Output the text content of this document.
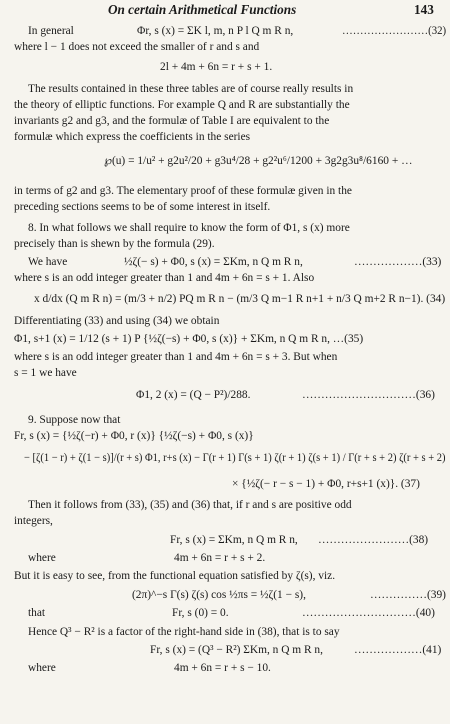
On certain Arithmetical Functions	143
In general	Φr, s (x) = ΣK l, m, n P l Q m R n,	……………………(32)
where l − 1 does not exceed the smaller of r and s and
2l + 4m + 6n = r + s + 1.
The results contained in these three tables are of course really results in
the theory of elliptic functions. For example Q and R are substantially the
invariants g2 and g3, and the formulæ of Table I are equivalent to the
formulæ which express the coefficients in the series
℘(u) = 1/u² + g2u²/20 + g3u⁴/28 + g2²u⁶/1200 + 3g2g3u⁸/6160 + …
in terms of g2 and g3. The elementary proof of these formulæ given in the
preceding sections seems to be of some interest in itself.
8. In what follows we shall require to know the form of Φ1, s (x) more
precisely than is shewn by the formula (29).
We have	½ζ(− s) + Φ0, s (x) = ΣKm, n Q m R n,	………………(33)
where s is an odd integer greater than 1 and 4m + 6n = s + 1. Also
x d/dx (Q m R n) = (m/3 + n/2) PQ m R n − (m/3 Q m−1 R n+1 + n/3 Q m+2 R n−1). (34)
Differentiating (33) and using (34) we obtain
Φ1, s+1 (x) = 1/12 (s + 1) P {½ζ(−s) + Φ0, s (x)} + ΣKm, n Q m R n, …(35)
where s is an odd integer greater than 1 and 4m + 6n = s + 3. But when
s = 1 we have
Φ1, 2 (x) = (Q − P²)/288.	…………………………(36)
9. Suppose now that
Fr, s (x) = {½ζ(−r) + Φ0, r (x)} {½ζ(−s) + Φ0, s (x)}
− [ζ(1 − r) + ζ(1 − s)]/(r + s) Φ1, r+s (x) − Γ(r + 1) Γ(s + 1) ζ(r + 1) ζ(s + 1) / Γ(r + s + 2) ζ(r + s + 2)
× {½ζ(− r − s − 1) + Φ0, r+s+1 (x)}. (37)
Then it follows from (33), (35) and (36) that, if r and s are positive odd
integers,
Fr, s (x) = ΣKm, n Q m R n, ……………………(38)
where	4m + 6n = r + s + 2.
But it is easy to see, from the functional equation satisfied by ζ(s), viz.
(2π)^−s Γ(s) ζ(s) cos ½πs = ½ζ(1 − s),	……………(39)
that	Fr, s (0) = 0.	…………………………(40)
Hence Q³ − R² is a factor of the right-hand side in (38), that is to say
Fr, s (x) = (Q³ − R²) ΣKm, n Q m R n,	………………(41)
where	4m + 6n = r + s − 10.
